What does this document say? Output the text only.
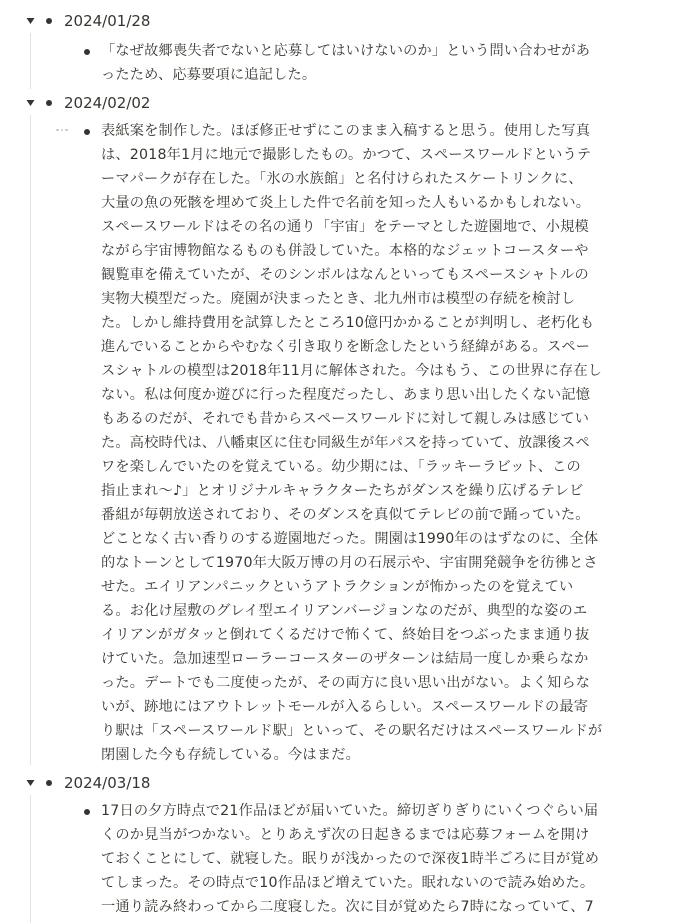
2024/01/28
「なぜ故郷喪失者でないと応募してはいけないのか」という問い合わせがあ
ったため、応募要項に追記した。
2024/02/02
表紙案を制作した。ほぼ修正せずにこのまま入稿すると思う。使用した写真
は、2018年1月に地元で撮影したもの。かつて、スペースワールドというテ
ーマパークが存在した。「氷の水族館」と名付けられたスケートリンクに、
大量の魚の死骸を埋めて炎上した件で名前を知った人もいるかもしれない。
スペースワールドはその名の通り「宇宙」をテーマとした遊園地で、小規模
ながら宇宙博物館なるものも併設していた。本格的なジェットコースターや
観覧車を備えていたが、そのシンボルはなんといってもスペースシャトルの
実物大模型だった。廃園が決まったとき、北九州市は模型の存続を検討し
た。しかし維持費用を試算したところ10億円かかることが判明し、老朽化も
進んでいることからやむなく引き取りを断念したという経緯がある。スペー
スシャトルの模型は2018年11月に解体された。今はもう、この世界に存在し
ない。私は何度か遊びに行った程度だったし、あまり思い出したくない記憶
もあるのだが、それでも昔からスペースワールドに対して親しみは感じてい
た。高校時代は、八幡東区に住む同級生が年パスを持っていて、放課後スペ
ワを楽しんでいたのを覚えている。幼少期には、「ラッキーラビット、この
指止まれ〜♪」とオリジナルキャラクターたちがダンスを繰り広げるテレビ
番組が毎朝放送されており、そのダンスを真似てテレビの前で踊っていた。
どことなく古い香りのする遊園地だった。開園は1990年のはずなのに、全体
的なトーンとして1970年大阪万博の月の石展示や、宇宙開発競争を彷彿とさ
せた。エイリアンパニックというアトラクションが怖かったのを覚えてい
る。お化け屋敷のグレイ型エイリアンバージョンなのだが、典型的な姿のエ
イリアンがガタッと倒れてくるだけで怖くて、終始目をつぶったまま通り抜
けていた。急加速型ローラーコースターのザターンは結局一度しか乗らなか
った。デートでも二度使ったが、その両方に良い思い出がない。よく知らな
いが、跡地にはアウトレットモールが入るらしい。スペースワールドの最寄
り駅は「スペースワールド駅」といって、その駅名だけはスペースワールドが
閉園した今も存続している。今はまだ。
2024/03/18
17日の夕方時点で21作品ほどが届いていた。締切ぎりぎりにいくつぐらい届
くのか見当がつかない。とりあえず次の日起きるまでは応募フォームを開け
ておくことにして、就寝した。眠りが浅かったので深夜1時半ごろに目が覚め
てしまった。その時点で10作品ほど増えていた。眠れないので読み始めた。
一通り読み終わってから二度寝した。次に目が覚めたら7時になっていて、7
